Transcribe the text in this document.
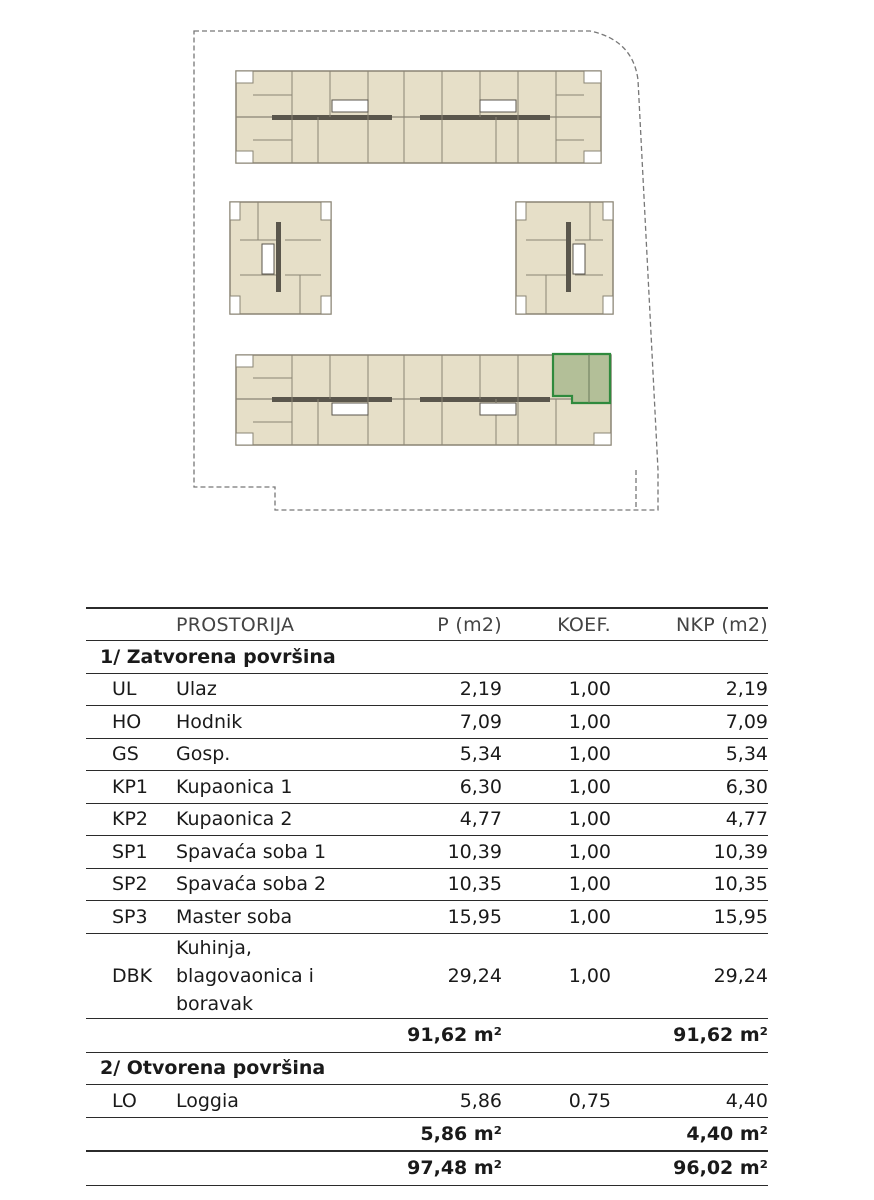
	PROSTORIJA	P (m2)	KOEF.	NKP (m2)
1/ Zatvorena površina				
UL	Ulaz	2,19	1,00	2,19
HO	Hodnik	7,09	1,00	7,09
GS	Gosp.	5,34	1,00	5,34
KP1	Kupaonica 1	6,30	1,00	6,30
KP2	Kupaonica 2	4,77	1,00	4,77
SP1	Spavaća soba 1	10,39	1,00	10,39
SP2	Spavaća soba 2	10,35	1,00	10,35
SP3	Master soba	15,95	1,00	15,95
DBK	Kuhinja, blagovaonica i boravak	29,24	1,00	29,24
		91,62 m²		91,62 m²
2/ Otvorena površina				
LO	Loggia	5,86	0,75	4,40
		5,86 m²		4,40 m²
		97,48 m²		96,02 m²
